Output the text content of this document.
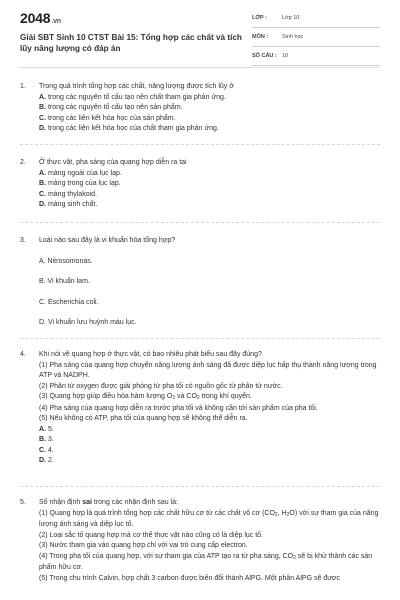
2048.vn
Giải SBT Sinh 10 CTST Bài 15: Tổng hợp các chất và tích lũy năng lượng có đáp án
LỚP :	Lớp 10
MÔN :	Sinh học
SỐ CÂU : 10
1. Trong quá trình tổng hợp các chất, năng lượng được tích lũy ở
A. trong các nguyên tố cấu tạo nên chất tham gia phản ứng.
B. trong các nguyên tố cấu tạo nên sản phẩm.
C. trong các liên kết hóa học của sản phẩm.
D. trong các liên kết hóa học của chất tham gia phản ứng.
2. Ở thực vật, pha sáng của quang hợp diễn ra tại
A. màng ngoài của lục lạp.
B. màng trong của lục lạp.
C. màng thylakoid.
D. màng sinh chất.
3. Loài nào sau đây là vi khuẩn hóa tổng hợp?
A. Nitrosomonas.
B. Vi khuẩn lam.
C. Escherichia coli.
D. Vi khuẩn lưu huỳnh màu lục.
4. Khi nói về quang hợp ở thực vật, có bao nhiêu phát biểu sau đây đúng?
(1) Pha sáng của quang hợp chuyển năng lượng ánh sáng đã được diệp lục hấp thụ thành năng lượng trong ATP và NADPH.
(2) Phân tử oxygen được giải phóng từ pha tối có nguồn gốc từ phân tử nước.
(3) Quang hợp giúp điều hòa hàm lượng $O_2$ và $CO_2$ trong khí quyển.
(4) Pha sáng của quang hợp diễn ra trước pha tối và không cần tới sản phẩm của pha tối.
(5) Nếu không có ATP, pha tối của quang hợp sẽ không thể diễn ra.
A. 5.
B. 3.
C. 4.
D. 2.
5. Số nhận định sai trong các nhận định sau là:
(1) Quang hợp là quá trình tổng hợp các chất hữu cơ từ các chất vô cơ ($CO_2$, $H_2O$) với sự tham gia của năng lượng ánh sáng và diệp lục tố.
(2) Loại sắc tố quang hợp mà cơ thể thực vật nào cũng có là diệp lục tố.
(3) Nước tham gia vào quang hợp chỉ với vai trò cung cấp electron.
(4) Trong pha tối của quang hợp, với sự tham gia của ATP tạo ra từ pha sáng, $CO_2$ sẽ bị khử thành các sản phẩm hữu cơ.
(5) Trong chu trình Calvin, hợp chất 3 carbon được biến đổi thành AlPG. Một phần AlPG sẽ được
